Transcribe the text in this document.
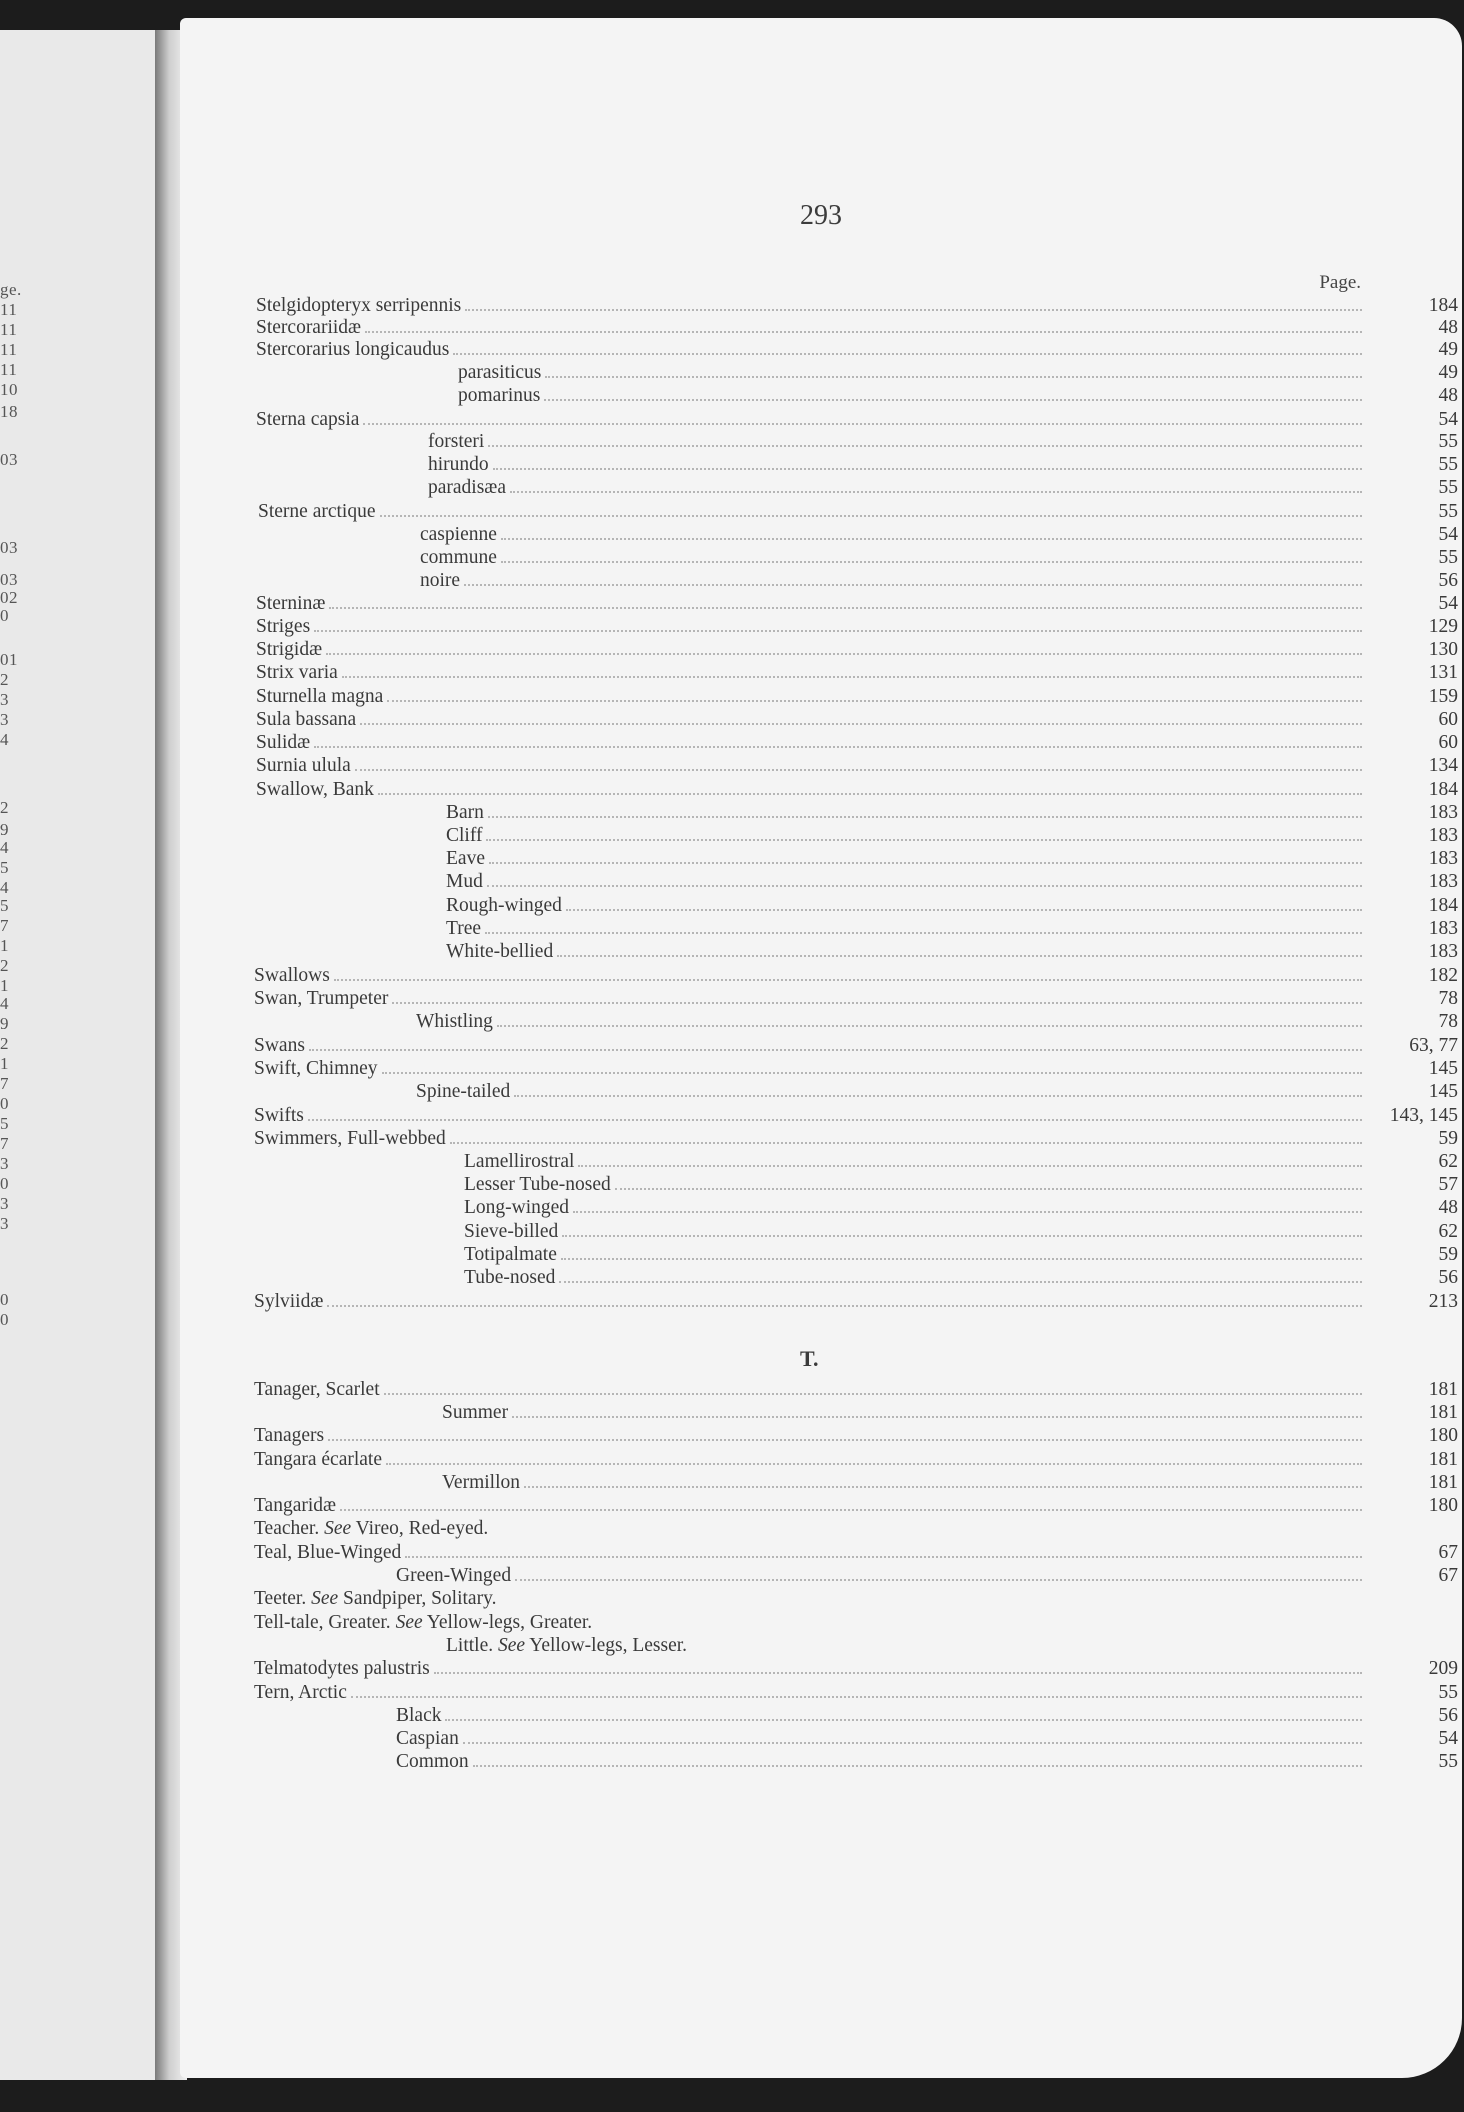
ge.
11
11
11
11
10
18
03
03
03
02
0
01
2
3
3
4
2
9
4
5
4
5
7
1
2
1
4
9
2
1
7
0
5
7
3
0
3
3
0
0
293
Page.
T.
Stelgidopteryx serripennis	184
Stercorariidæ	48
Stercorarius longicaudus	49
parasiticus	49
pomarinus	48
Sterna capsia	54
forsteri	55
hirundo	55
paradisæa	55
Sterne arctique	55
caspienne	54
commune	55
noire	56
Sterninæ	54
Striges	129
Strigidæ	130
Strix varia	131
Sturnella magna	159
Sula bassana	60
Sulidæ	60
Surnia ulula	134
Swallow, Bank	184
Barn	183
Cliff	183
Eave	183
Mud	183
Rough-winged	184
Tree	183
White-bellied	183
Swallows	182
Swan, Trumpeter	78
Whistling	78
Swans	63, 77
Swift, Chimney	145
Spine-tailed	145
Swifts	143, 145
Swimmers, Full-webbed	59
Lamellirostral	62
Lesser Tube-nosed	57
Long-winged	48
Sieve-billed	62
Totipalmate	59
Tube-nosed	56
Sylviidæ	213
Tanager, Scarlet	181
Summer	181
Tanagers	180
Tangara écarlate	181
Vermillon	181
Tangaridæ	180
Teacher. See Vireo, Red-eyed.
Teal, Blue-Winged	67
Green-Winged	67
Teeter. See Sandpiper, Solitary.
Tell-tale, Greater. See Yellow-legs, Greater.
Little. See Yellow-legs, Lesser.
Telmatodytes palustris	209
Tern, Arctic	55
Black	56
Caspian	54
Common	55
